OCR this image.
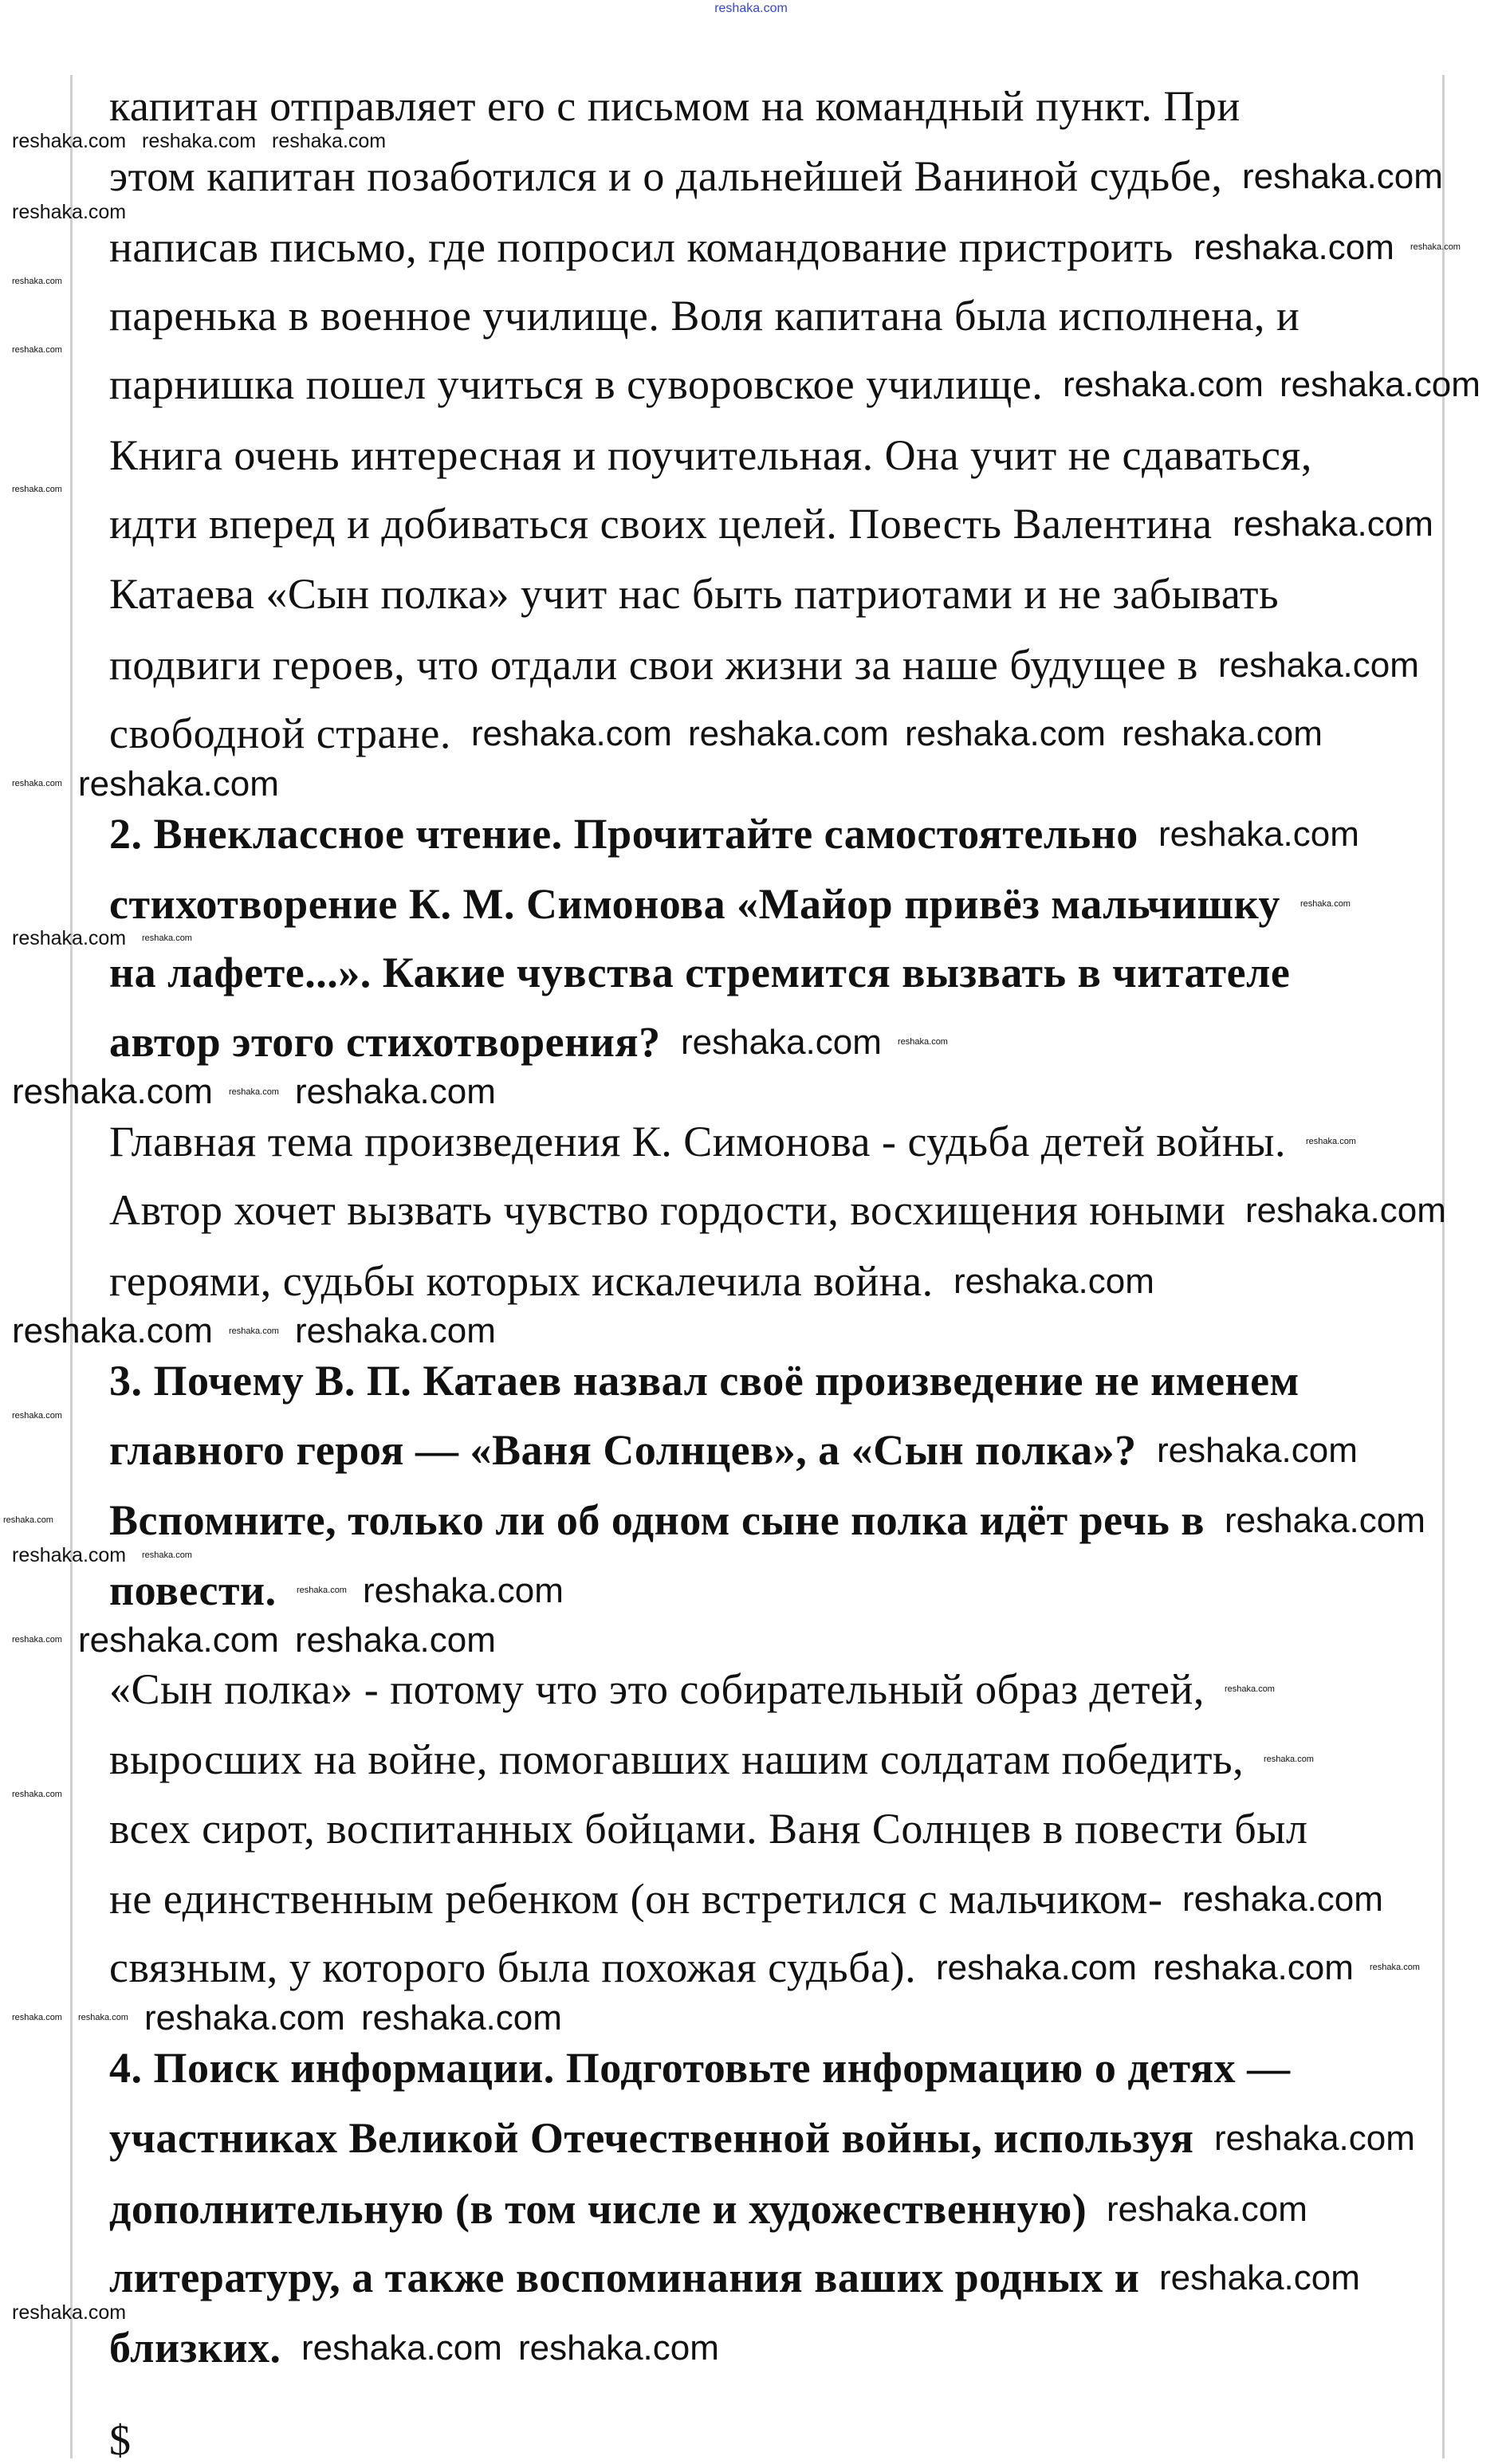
reshaka.com
капитан отправляет его с письмом на командный пункт. При
этом капитан позаботился и о дальнейшей Ваниной судьбе,
написав письмо, где попросил командование пристроить
паренька в военное училище. Воля капитана была исполнена, и
парнишка пошел учиться в суворовское училище.
Книга очень интересная и поучительная. Она учит не сдаваться,
идти вперед и добиваться своих целей. Повесть Валентина
Катаева «Сын полка» учит нас быть патриотами и не забывать
подвиги героев, что отдали свои жизни за наше будущее в
свободной стране.
2. Внеклассное чтение. Прочитайте самостоятельно
стихотворение К. М. Симонова «Майор привёз мальчишку
на лафете...». Какие чувства стремится вызвать в читателе
автор этого стихотворения?
Главная тема произведения К. Симонова - судьба детей войны.
Автор хочет вызвать чувство гордости, восхищения юными
героями, судьбы которых искалечила война.
3. Почему В. П. Катаев назвал своё произведение не именем
главного героя — «Ваня Солнцев», а «Сын полка»?
Вспомните, только ли об одном сыне полка идёт речь в
повести.
«Сын полка» - потому что это собирательный образ детей,
выросших на войне, помогавших нашим солдатам победить,
всех сирот, воспитанных бойцами. Ваня Солнцев в повести был
не единственным ребенком (он встретился с мальчиком-
связным, у которого была похожая судьба).
4. Поиск информации. Подготовьте информацию о детях —
участниках Великой Отечественной войны, используя
дополнительную (в том числе и художественную)
литературу, а также воспоминания ваших родных и
близких.
$
reshaka.com reshaka.com reshaka.com
reshaka.com
reshaka.com
reshaka.com
reshaka.com
reshaka.com
reshaka.com
reshaka.com reshaka.com
reshaka.com
reshaka.com
reshaka.com
reshaka.com reshaka.com reshaka.com reshaka.com
reshaka.com
reshaka.com
reshaka.com
reshaka.com
reshaka.com reshaka.com
reshaka.com reshaka.com
reshaka.com reshaka.com reshaka.com
reshaka.com
reshaka.com
reshaka.com
reshaka.com reshaka.com reshaka.com
reshaka.com
reshaka.com
reshaka.com
reshaka.com
reshaka.com
reshaka.com
reshaka.com reshaka.com
reshaka.com
reshaka.com
reshaka.com
reshaka.com
reshaka.com reshaka.com
reshaka.com
reshaka.com reshaka.com reshaka.com
reshaka.com reshaka.com reshaka.com
reshaka.com
reshaka.com
reshaka.com
reshaka.com
reshaka.com
reshaka.com reshaka.com
